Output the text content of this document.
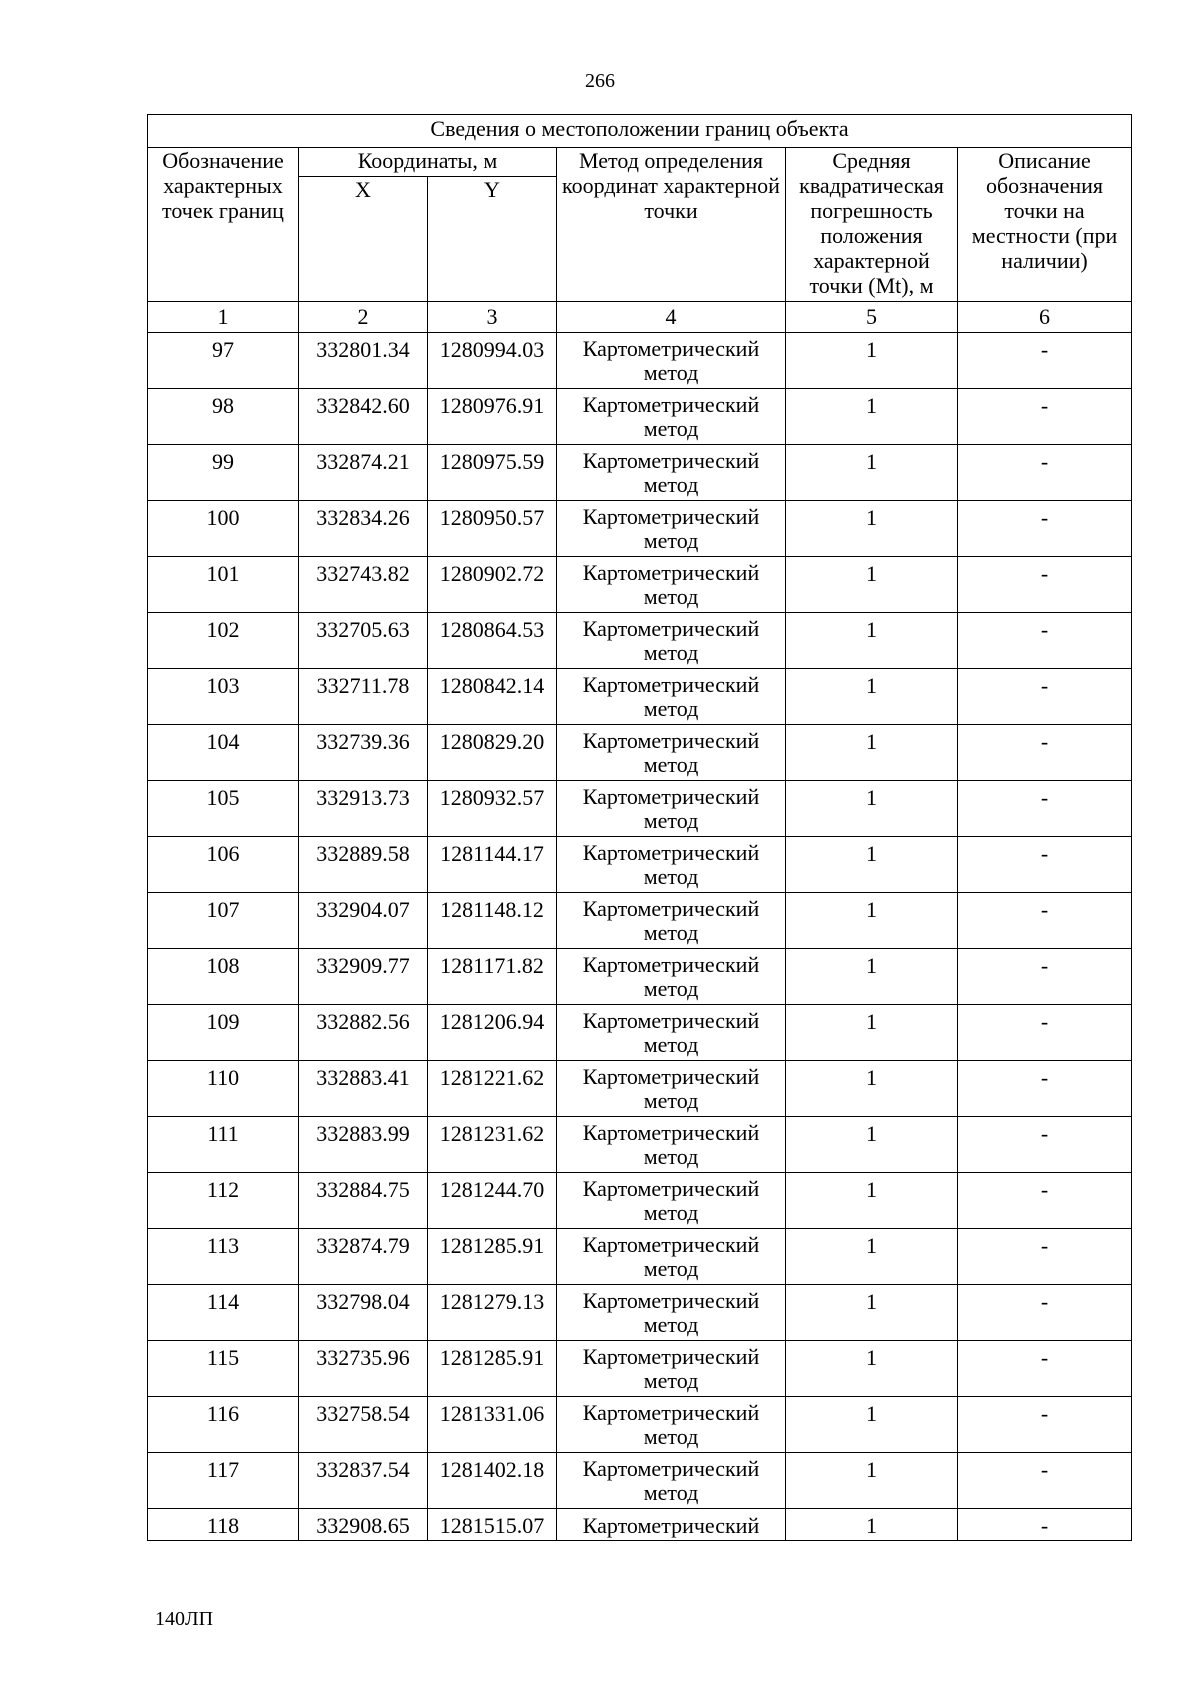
266
Сведения о местоположении границ объекта					
Обозначение характерных точек границ	Координаты, м		Метод определения координат характерной точки	Средняя квадратическая погрешность положения характерной точки (Mt), м	Описание обозначения точки на местности (при наличии)
	X	Y			
1	2	3	4	5	6
97	332801.34	1280994.03	Картометрический метод	1	-
98	332842.60	1280976.91	Картометрический метод	1	-
99	332874.21	1280975.59	Картометрический метод	1	-
100	332834.26	1280950.57	Картометрический метод	1	-
101	332743.82	1280902.72	Картометрический метод	1	-
102	332705.63	1280864.53	Картометрический метод	1	-
103	332711.78	1280842.14	Картометрический метод	1	-
104	332739.36	1280829.20	Картометрический метод	1	-
105	332913.73	1280932.57	Картометрический метод	1	-
106	332889.58	1281144.17	Картометрический метод	1	-
107	332904.07	1281148.12	Картометрический метод	1	-
108	332909.77	1281171.82	Картометрический метод	1	-
109	332882.56	1281206.94	Картометрический метод	1	-
110	332883.41	1281221.62	Картометрический метод	1	-
111	332883.99	1281231.62	Картометрический метод	1	-
112	332884.75	1281244.70	Картометрический метод	1	-
113	332874.79	1281285.91	Картометрический метод	1	-
114	332798.04	1281279.13	Картометрический метод	1	-
115	332735.96	1281285.91	Картометрический метод	1	-
116	332758.54	1281331.06	Картометрический метод	1	-
117	332837.54	1281402.18	Картометрический метод	1	-
118	332908.65	1281515.07	Картометрический	1	-
140ЛП
